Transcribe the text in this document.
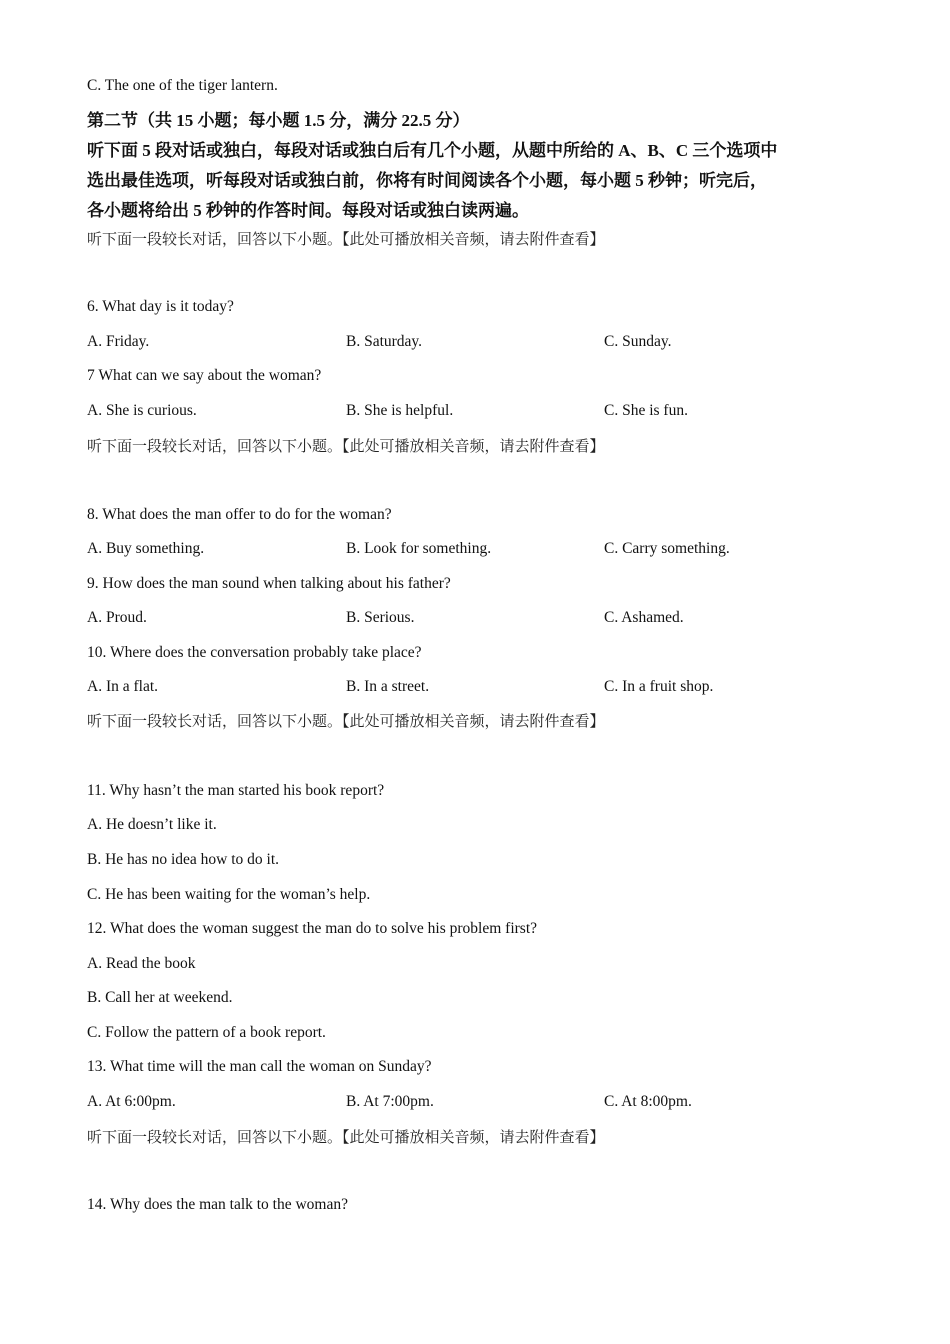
C. The one of the tiger lantern.
第二节（共 15 小题；每小题 1.5 分，满分 22.5 分）
听下面 5 段对话或独白，每段对话或独白后有几个小题，从题中所给的 A、B、C 三个选项中
选出最佳选项，听每段对话或独白前，你将有时间阅读各个小题，每小题 5 秒钟；听完后，
各小题将给出 5 秒钟的作答时间。每段对话或独白读两遍。
听下面一段较长对话，回答以下小题。【此处可播放相关音频，请去附件查看】
6. What day is it today?
A. Friday.	B. Saturday.	C. Sunday.
7 What can we say about the woman?
A. She is curious.	B. She is helpful.	C. She is fun.
听下面一段较长对话，回答以下小题。【此处可播放相关音频，请去附件查看】
8. What does the man offer to do for the woman?
A. Buy something.	B. Look for something.	C. Carry something.
9. How does the man sound when talking about his father?
A. Proud.	B. Serious.	C. Ashamed.
10. Where does the conversation probably take place?
A. In a flat.	B. In a street.	C. In a fruit shop.
听下面一段较长对话，回答以下小题。【此处可播放相关音频，请去附件查看】
11. Why hasn’t the man started his book report?
A. He doesn’t like it.
B. He has no idea how to do it.
C. He has been waiting for the woman’s help.
12. What does the woman suggest the man do to solve his problem first?
A. Read the book
B. Call her at weekend.
C. Follow the pattern of a book report.
13. What time will the man call the woman on Sunday?
A. At 6:00pm.	B. At 7:00pm.	C. At 8:00pm.
听下面一段较长对话，回答以下小题。【此处可播放相关音频，请去附件查看】
14. Why does the man talk to the woman?
